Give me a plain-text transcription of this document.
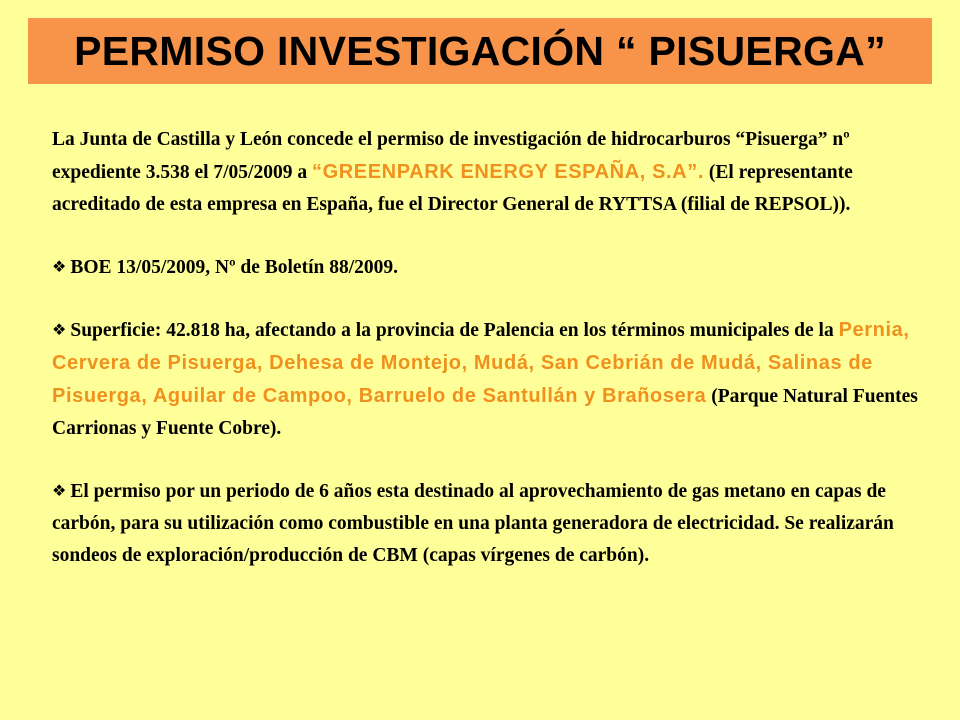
PERMISO INVESTIGACIÓN “ PISUERGA”

La Junta de Castilla y León concede el permiso de investigación de hidrocarburos “Pisuerga” nº expediente 3.538 el 7/05/2009 a “GREENPARK ENERGY ESPAÑA, S.A”. (El representante acreditado de esta empresa en España, fue el Director General de RYTTSA (filial de REPSOL)).

❖ BOE 13/05/2009, Nº de Boletín 88/2009.

❖ Superficie: 42.818 ha, afectando a la provincia de Palencia en los términos municipales de la Pernia, Cervera de Pisuerga, Dehesa de Montejo, Mudá, San Cebrián de Mudá, Salinas de Pisuerga, Aguilar de Campoo, Barruelo de Santullán y Brañosera (Parque Natural Fuentes Carrionas y Fuente Cobre).

❖ El permiso por un periodo de 6 años esta destinado al aprovechamiento de gas metano en capas de carbón, para su utilización como combustible en una planta generadora de electricidad. Se realizarán sondeos de exploración/producción de CBM (capas vírgenes de carbón).
